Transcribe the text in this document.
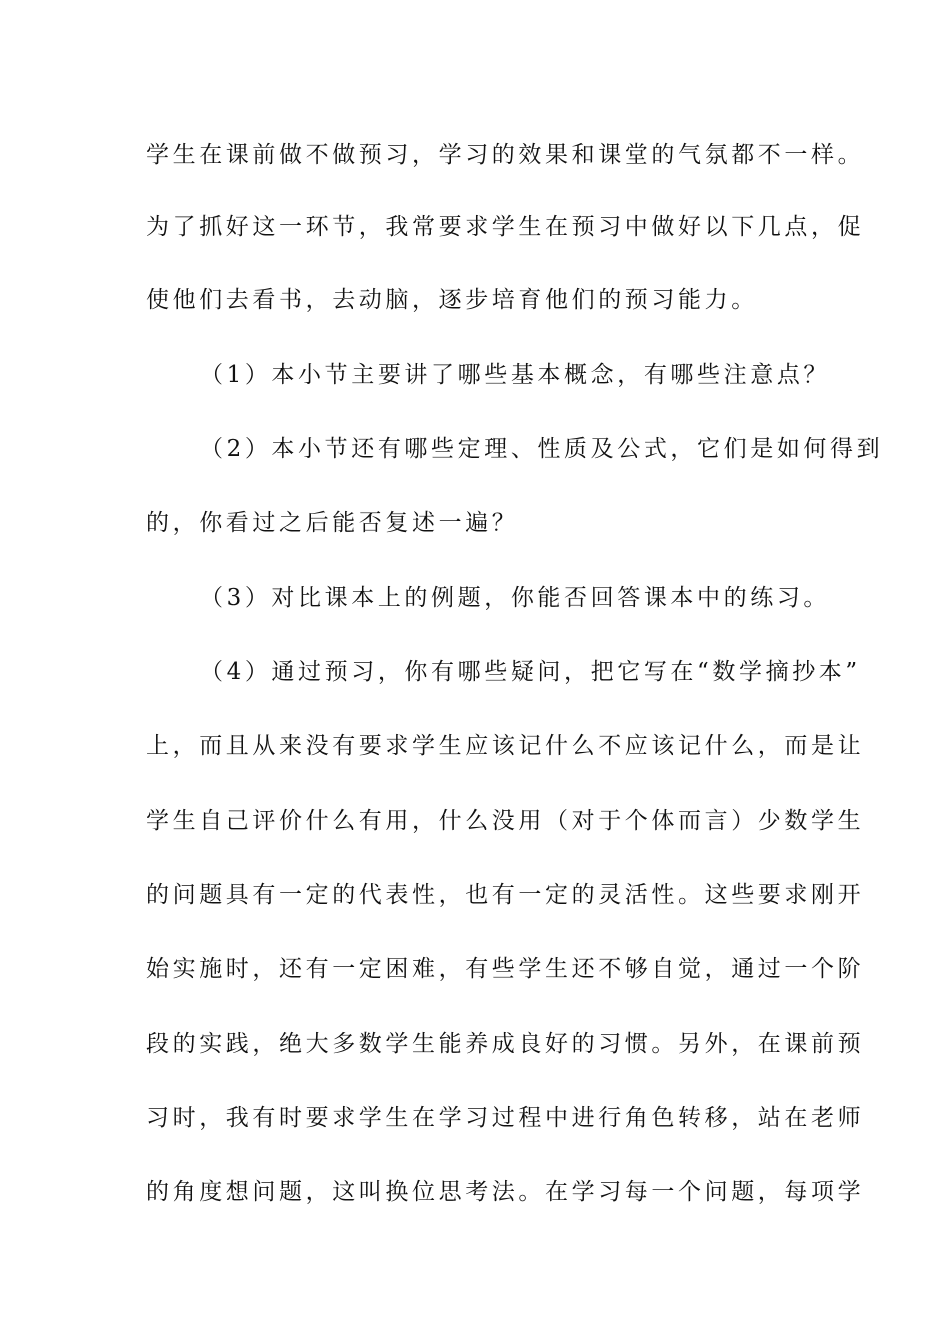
学生在课前做不做预习，学习的效果和课堂的气氛都不一样。
为了抓好这一环节，我常要求学生在预习中做好以下几点，促
使他们去看书，去动脑，逐步培育他们的预习能力。
（1）本小节主要讲了哪些基本概念，有哪些注意点？
（2）本小节还有哪些定理、性质及公式，它们是如何得到
的，你看过之后能否复述一遍？
（3）对比课本上的例题，你能否回答课本中的练习。
（4）通过预习，你有哪些疑问，把它写在“数学摘抄本”
上，而且从来没有要求学生应该记什么不应该记什么，而是让
学生自己评价什么有用，什么没用（对于个体而言）少数学生
的问题具有一定的代表性，也有一定的灵活性。这些要求刚开
始实施时，还有一定困难，有些学生还不够自觉，通过一个阶
段的实践，绝大多数学生能养成良好的习惯。另外，在课前预
习时，我有时要求学生在学习过程中进行角色转移，站在老师
的角度想问题，这叫换位思考法。在学习每一个问题，每项学
